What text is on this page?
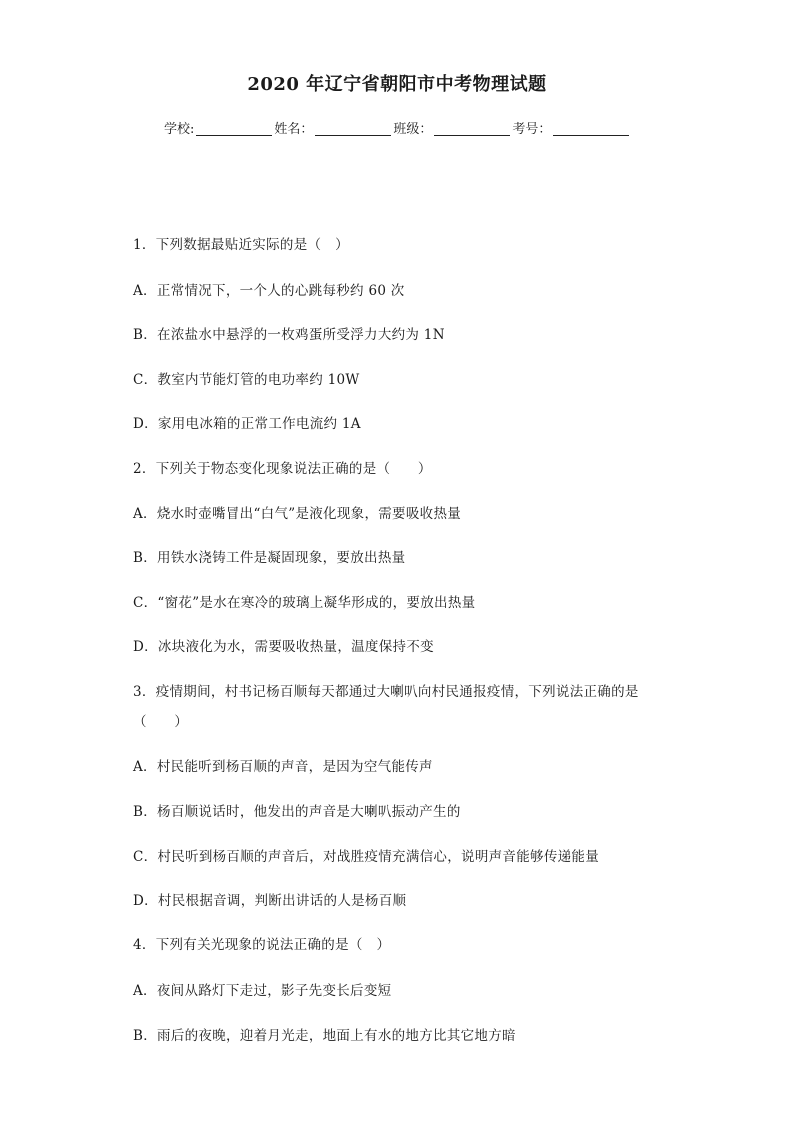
2020 年辽宁省朝阳市中考物理试题
学校:	姓名：	班级：	考号：
1．下列数据最贴近实际的是（　）
A．正常情况下，一个人的心跳每秒约 60 次
B．在浓盐水中悬浮的一枚鸡蛋所受浮力大约为 1N
C．教室内节能灯管的电功率约 10W
D．家用电冰箱的正常工作电流约 1A
2．下列关于物态变化现象说法正确的是（　　）
A．烧水时壶嘴冒出“白气”是液化现象，需要吸收热量
B．用铁水浇铸工件是凝固现象，要放出热量
C．“窗花”是水在寒冷的玻璃上凝华形成的，要放出热量
D．冰块液化为水，需要吸收热量，温度保持不变
3．疫情期间，村书记杨百顺每天都通过大喇叭向村民通报疫情，下列说法正确的是
（　　）
A．村民能听到杨百顺的声音，是因为空气能传声
B．杨百顺说话时，他发出的声音是大喇叭振动产生的
C．村民听到杨百顺的声音后，对战胜疫情充满信心，说明声音能够传递能量
D．村民根据音调，判断出讲话的人是杨百顺
4．下列有关光现象的说法正确的是（　）
A．夜间从路灯下走过，影子先变长后变短
B．雨后的夜晚，迎着月光走，地面上有水的地方比其它地方暗
